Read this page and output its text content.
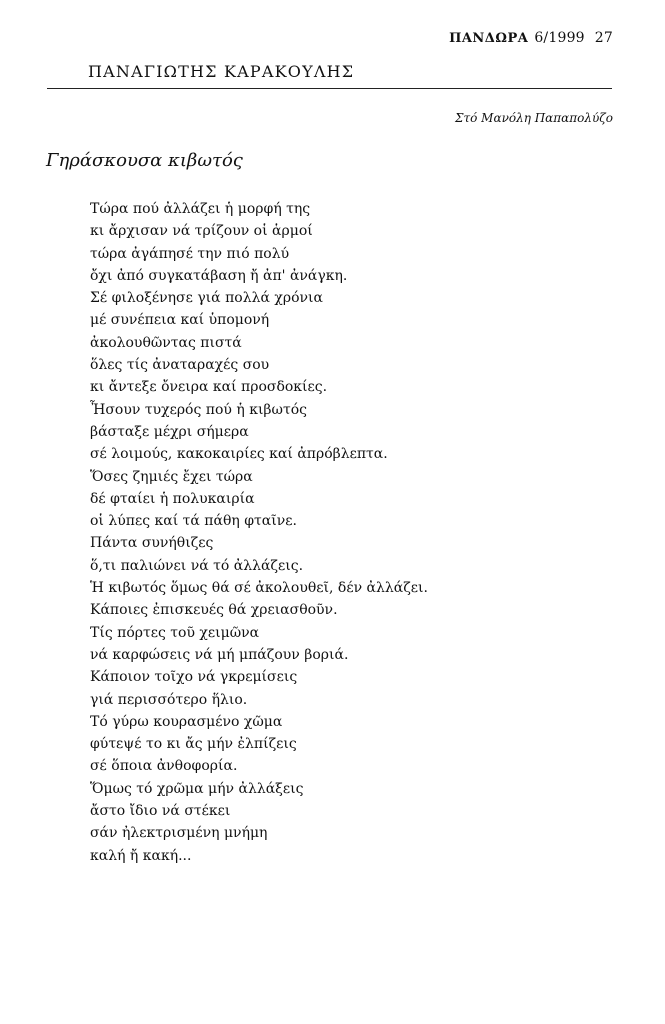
ΠΑΝΔΩΡΑ 6/1999 27
ΠΑΝΑΓΙΩΤΗΣ ΚΑΡΑΚΟΥΛΗΣ
Στό Μανόλη Παπαπολύζο
Γηράσκουσα κιβωτός
Τώρα πού ἀλλάζει ἡ μορφή της
κι ἄρχισαν νά τρίζουν οἱ ἁρμοί
τώρα ἀγάπησέ την πιό πολύ
ὄχι ἀπό συγκατάβαση ἤ ἀπ' ἀνάγκη.
Σέ φιλοξένησε γιά πολλά χρόνια
μέ συνέπεια καί ὑπομονή
ἀκολουθῶντας πιστά
ὅλες τίς ἀναταραχές σου
κι ἄντεξε ὄνειρα καί προσδοκίες.
Ἦσουν τυχερός πού ἡ κιβωτός
βάσταξε μέχρι σήμερα
σέ λοιμούς, κακοκαιρίες καί ἀπρόβλεπτα.
Ὅσες ζημιές ἔχει τώρα
δέ φταίει ἡ πολυκαιρία
οἱ λύπες καί τά πάθη φταῖνε.
Πάντα συνήθιζες
ὅ,τι παλιώνει νά τό ἀλλάζεις.
Ἡ κιβωτός ὅμως θά σέ ἀκολουθεῖ, δέν ἀλλάζει.
Κάποιες ἐπισκευές θά χρειασθοῦν.
Τίς πόρτες τοῦ χειμῶνα
νά καρφώσεις νά μή μπάζουν βοριά.
Κάποιον τοῖχο νά γκρεμίσεις
γιά περισσότερο ἥλιο.
Τό γύρω κουρασμένο χῶμα
φύτεψέ το κι ἄς μήν ἐλπίζεις
σέ ὅποια ἀνθοφορία.
Ὅμως τό χρῶμα μήν ἀλλάξεις
ἄστο ἴδιο νά στέκει
σάν ἠλεκτρισμένη μνήμη
καλή ἤ κακή...
